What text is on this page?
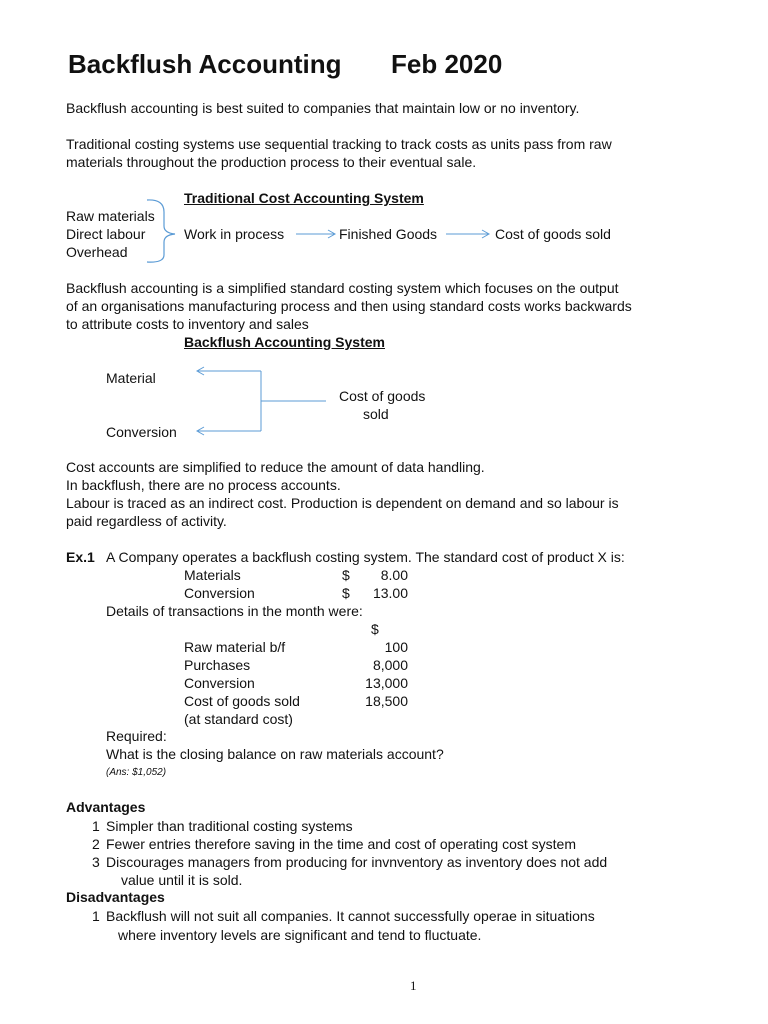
Backflush Accounting Feb 2020
Backflush accounting is best suited to companies that maintain low or no inventory.
Traditional costing systems use sequential tracking to track costs as units pass from raw
materials throughout the production process to their eventual sale.
Traditional Cost Accounting System
Raw materials
Direct labour
Overhead
Work in process	Finished Goods	Cost of goods sold
Backflush accounting is a simplified standard costing system which focuses on the output
of an organisations manufacturing process and then using standard costs works backwards
to attribute costs to inventory and sales
Backflush Accounting System
Material
Cost of goods
sold
Conversion
Cost accounts are simplified to reduce the amount of data handling.
In backflush, there are no process accounts.
Labour is traced as an indirect cost. Production is dependent on demand and so labour is
paid regardless of activity.
Ex.1 A Company operates a backflush costing system. The standard cost of product X is:
Materials	$	8.00
Conversion	$	13.00
Details of transactions in the month were:
$
Raw material b/f	100
Purchases	8,000
Conversion	13,000
Cost of goods sold	18,500
(at standard cost)
Required:
What is the closing balance on raw materials account?
(Ans: $1,052)
Advantages
1 Simpler than traditional costing systems
2 Fewer entries therefore saving in the time and cost of operating cost system
3 Discourages managers from producing for invnventory as inventory does not add
value until it is sold.
Disadvantages
1 Backflush will not suit all companies. It cannot successfully operae in situations
where inventory levels are significant and tend to fluctuate.
1
